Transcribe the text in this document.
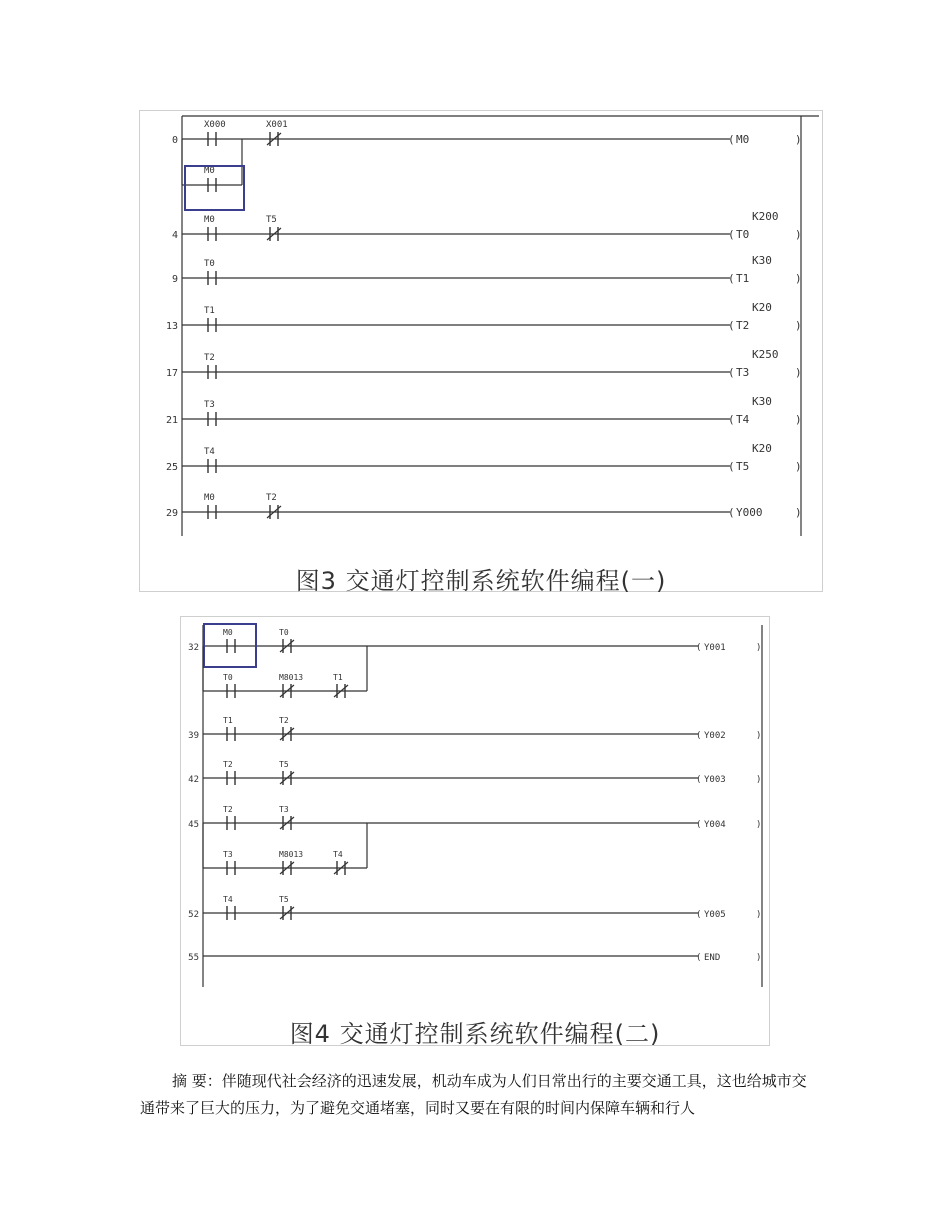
0
X000	X001
( M0	)
M0
4
M0	T5
( T0	)
K200
9
T0
( T1	)
K30
13
T1
( T2	)
K20
17
T2
( T3	)
K250
21
T3
( T4	)
K30
25
T4
( T5	)
K20
29
M0	T2
( Y000	)
图3 交通灯控制系统软件编程(一)
32
M0	T0
( Y001	)
T0	M8013	T1
39
T1	T2
( Y002	)
42
T2	T5
( Y003	)
45
T2	T3
( Y004	)
T3	M8013	T4
52
T4	T5
( Y005	)
55	( END	)
图4 交通灯控制系统软件编程(二)

摘 要：伴随现代社会经济的迅速发展，机动车成为人们日常出行的主要交通工具，这也给城市交通带来了巨大的压力，为了避免交通堵塞，同时又要在有限的时间内保障车辆和行人
